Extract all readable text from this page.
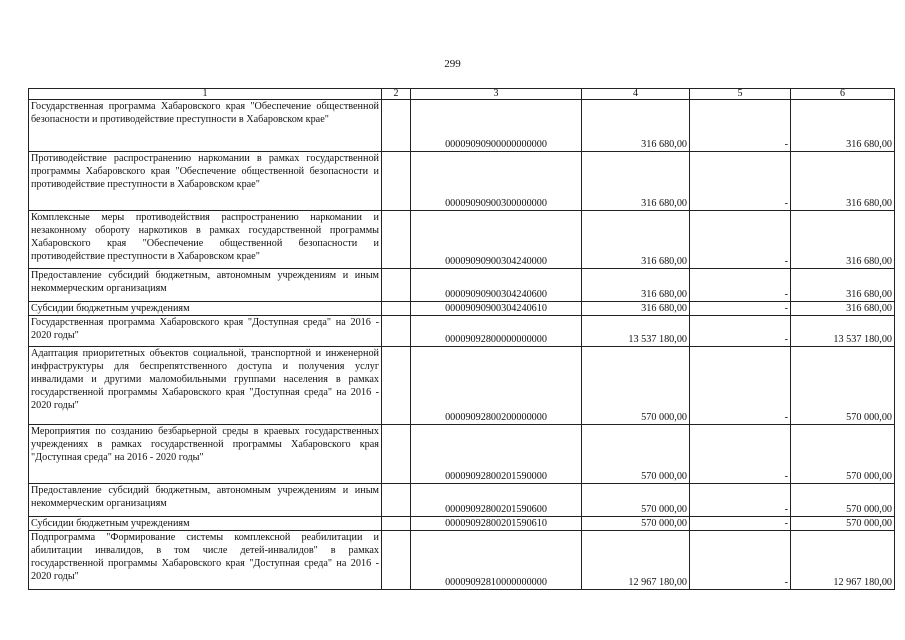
299
1	2	3	4	5	6
Государственная программа Хабаровского края "Обеспечение общественной безопасности и противодействие преступности в Хабаровском крае"		00009090900000000000	316 680,00	-	316 680,00
Противодействие распространению наркомании в рамках государственной программы Хабаровского края "Обеспечение общественной безопасности и противодействие преступности в Хабаровском крае"		00009090900300000000	316 680,00	-	316 680,00
Комплексные меры противодействия распространению наркомании и незаконному обороту наркотиков в рамках государственной программы Хабаровского края "Обеспечение общественной безопасности и противодействие преступности в Хабаровском крае"		00009090900304240000	316 680,00	-	316 680,00
Предоставление субсидий бюджетным, автономным учреждениям и иным некоммерческим организациям		00009090900304240600	316 680,00	-	316 680,00
Субсидии бюджетным учреждениям		00009090900304240610	316 680,00	-	316 680,00
Государственная программа Хабаровского края "Доступная среда" на 2016 - 2020 годы"		00009092800000000000	13 537 180,00	-	13 537 180,00
Адаптация приоритетных объектов социальной, транспортной и инженерной инфраструктуры для беспрепятственного доступа и получения услуг инвалидами и другими маломобильными группами населения в рамках государственной программы Хабаровского края "Доступная среда" на 2016 - 2020 годы"		00009092800200000000	570 000,00	-	570 000,00
Мероприятия по созданию безбарьерной среды в краевых государственных учреждениях в рамках государственной программы Хабаровского края "Доступная среда" на 2016 - 2020 годы"		00009092800201590000	570 000,00	-	570 000,00
Предоставление субсидий бюджетным, автономным учреждениям и иным некоммерческим организациям		00009092800201590600	570 000,00	-	570 000,00
Субсидии бюджетным учреждениям		00009092800201590610	570 000,00	-	570 000,00
Подпрограмма "Формирование системы комплексной реабилитации и абилитации инвалидов, в том числе детей-инвалидов" в рамках государственной программы Хабаровского края "Доступная среда" на 2016 - 2020 годы"		00009092810000000000	12 967 180,00	-	12 967 180,00
